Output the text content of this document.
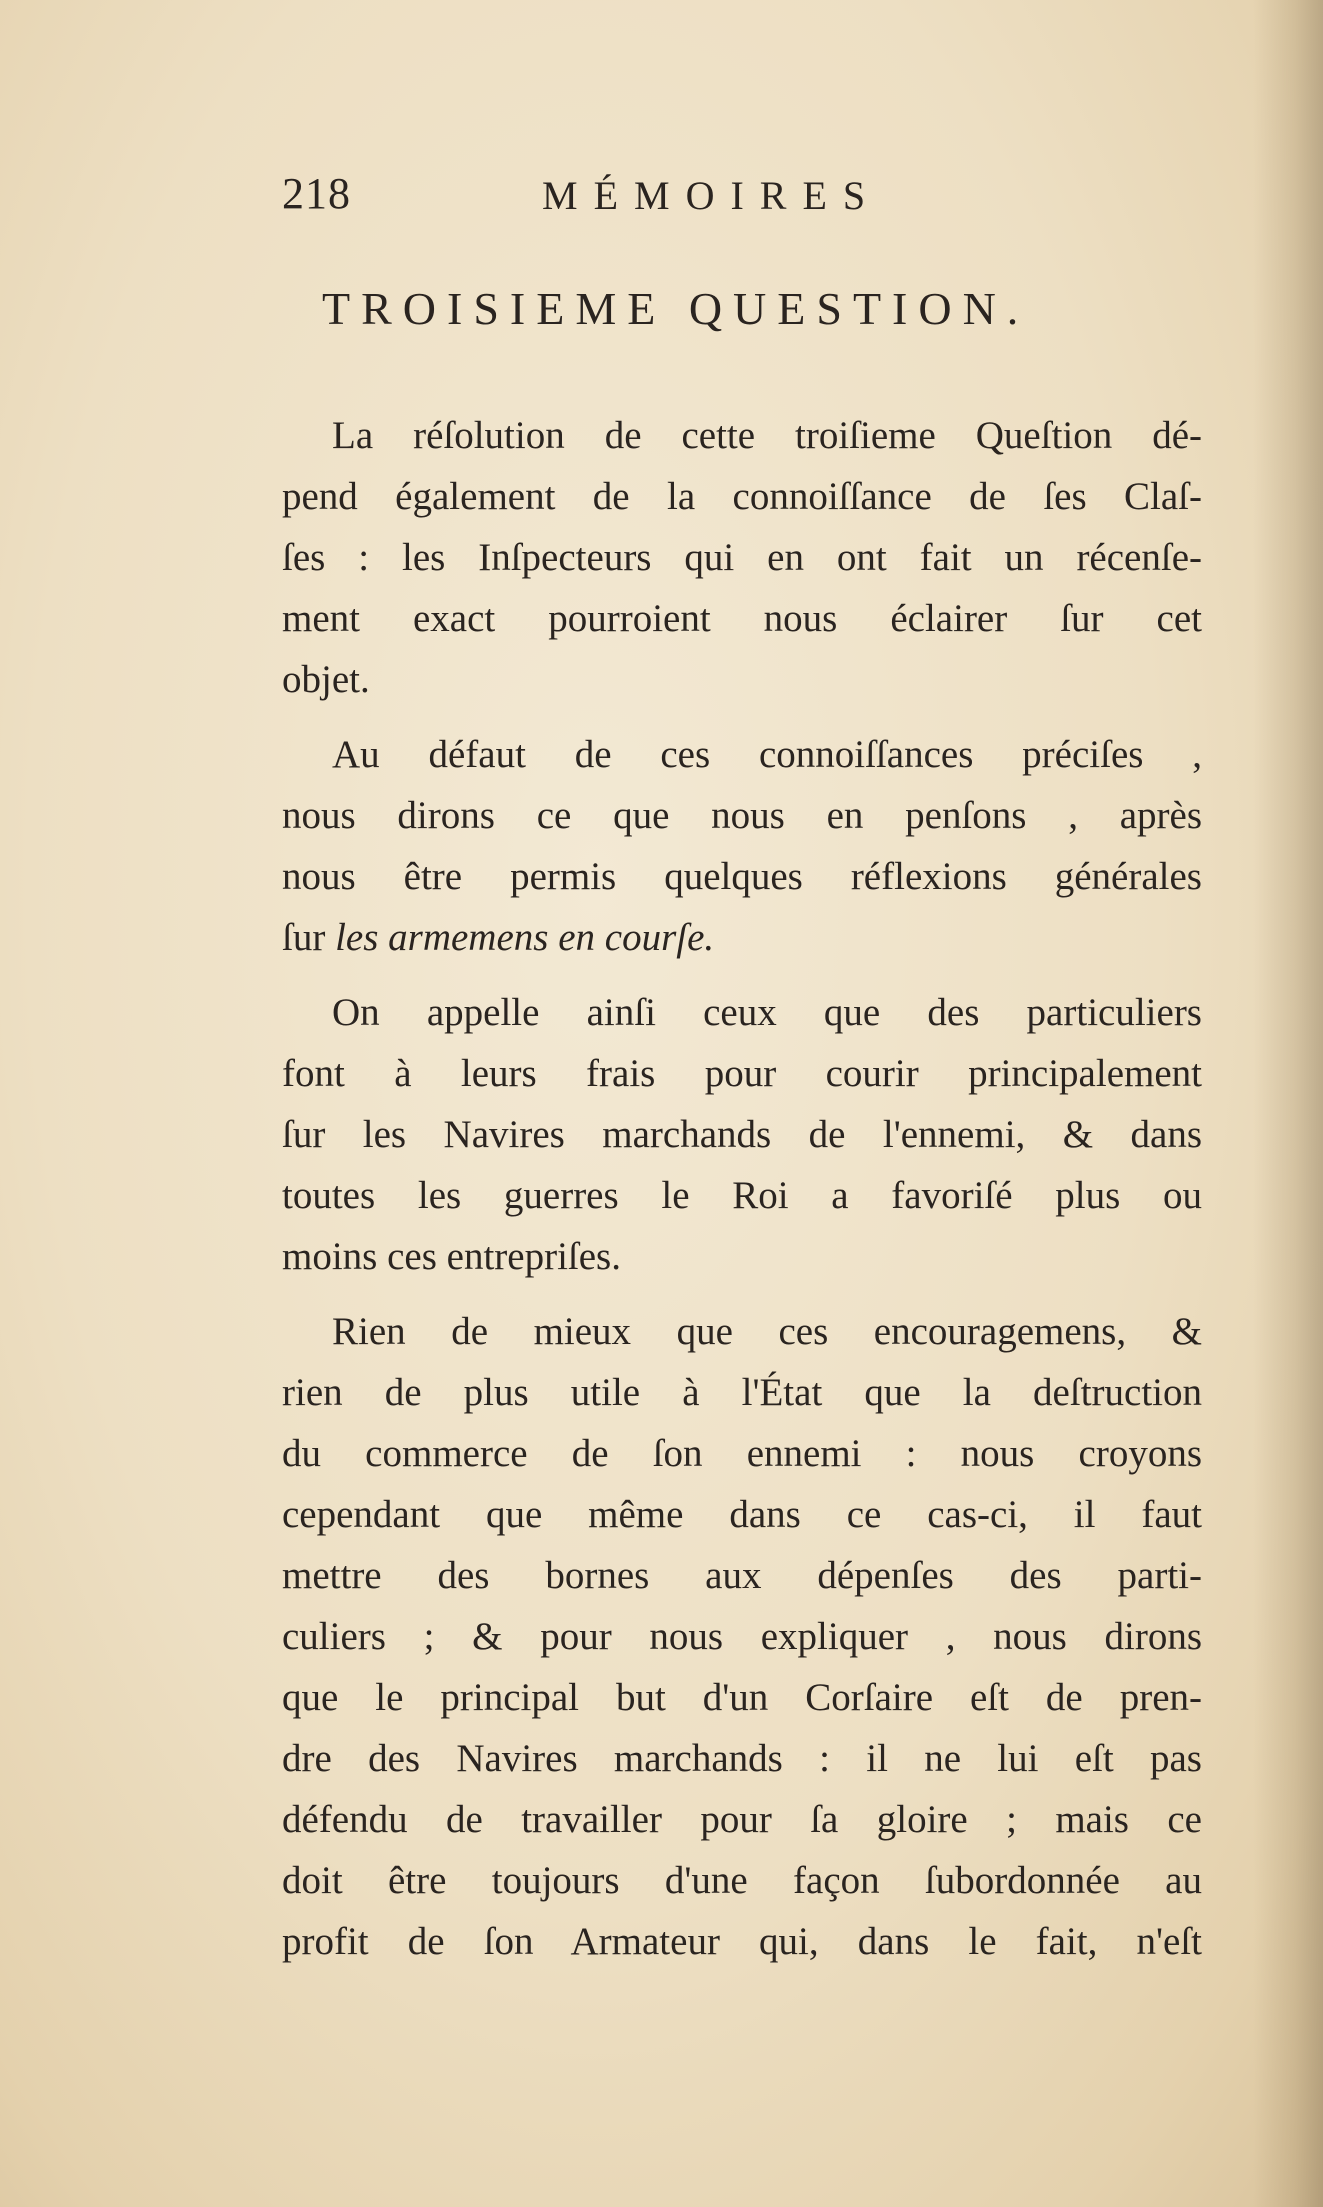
218	MÉMOIRES
TROISIEME QUESTION.
La réſolution de cette troiſieme Queſtion dé-
pend également de la connoiſſance de ſes Claſ-
ſes : les Inſpecteurs qui en ont fait un récenſe-
ment exact pourroient nous éclairer ſur cet
objet.
Au défaut de ces connoiſſances préciſes ,
nous dirons ce que nous en penſons , après
nous être permis quelques réflexions générales
ſur les armemens en courſe.
On appelle ainſi ceux que des particuliers
font à leurs frais pour courir principalement
ſur les Navires marchands de l'ennemi, & dans
toutes les guerres le Roi a favoriſé plus ou
moins ces entrepriſes.
Rien de mieux que ces encouragemens, &
rien de plus utile à l'État que la deſtruction
du commerce de ſon ennemi : nous croyons
cependant que même dans ce cas-ci, il faut
mettre des bornes aux dépenſes des parti-
culiers ; & pour nous expliquer , nous dirons
que le principal but d'un Corſaire eſt de pren-
dre des Navires marchands : il ne lui eſt pas
défendu de travailler pour ſa gloire ; mais ce
doit être toujours d'une façon ſubordonnée au
profit de ſon Armateur qui, dans le fait, n'eſt
